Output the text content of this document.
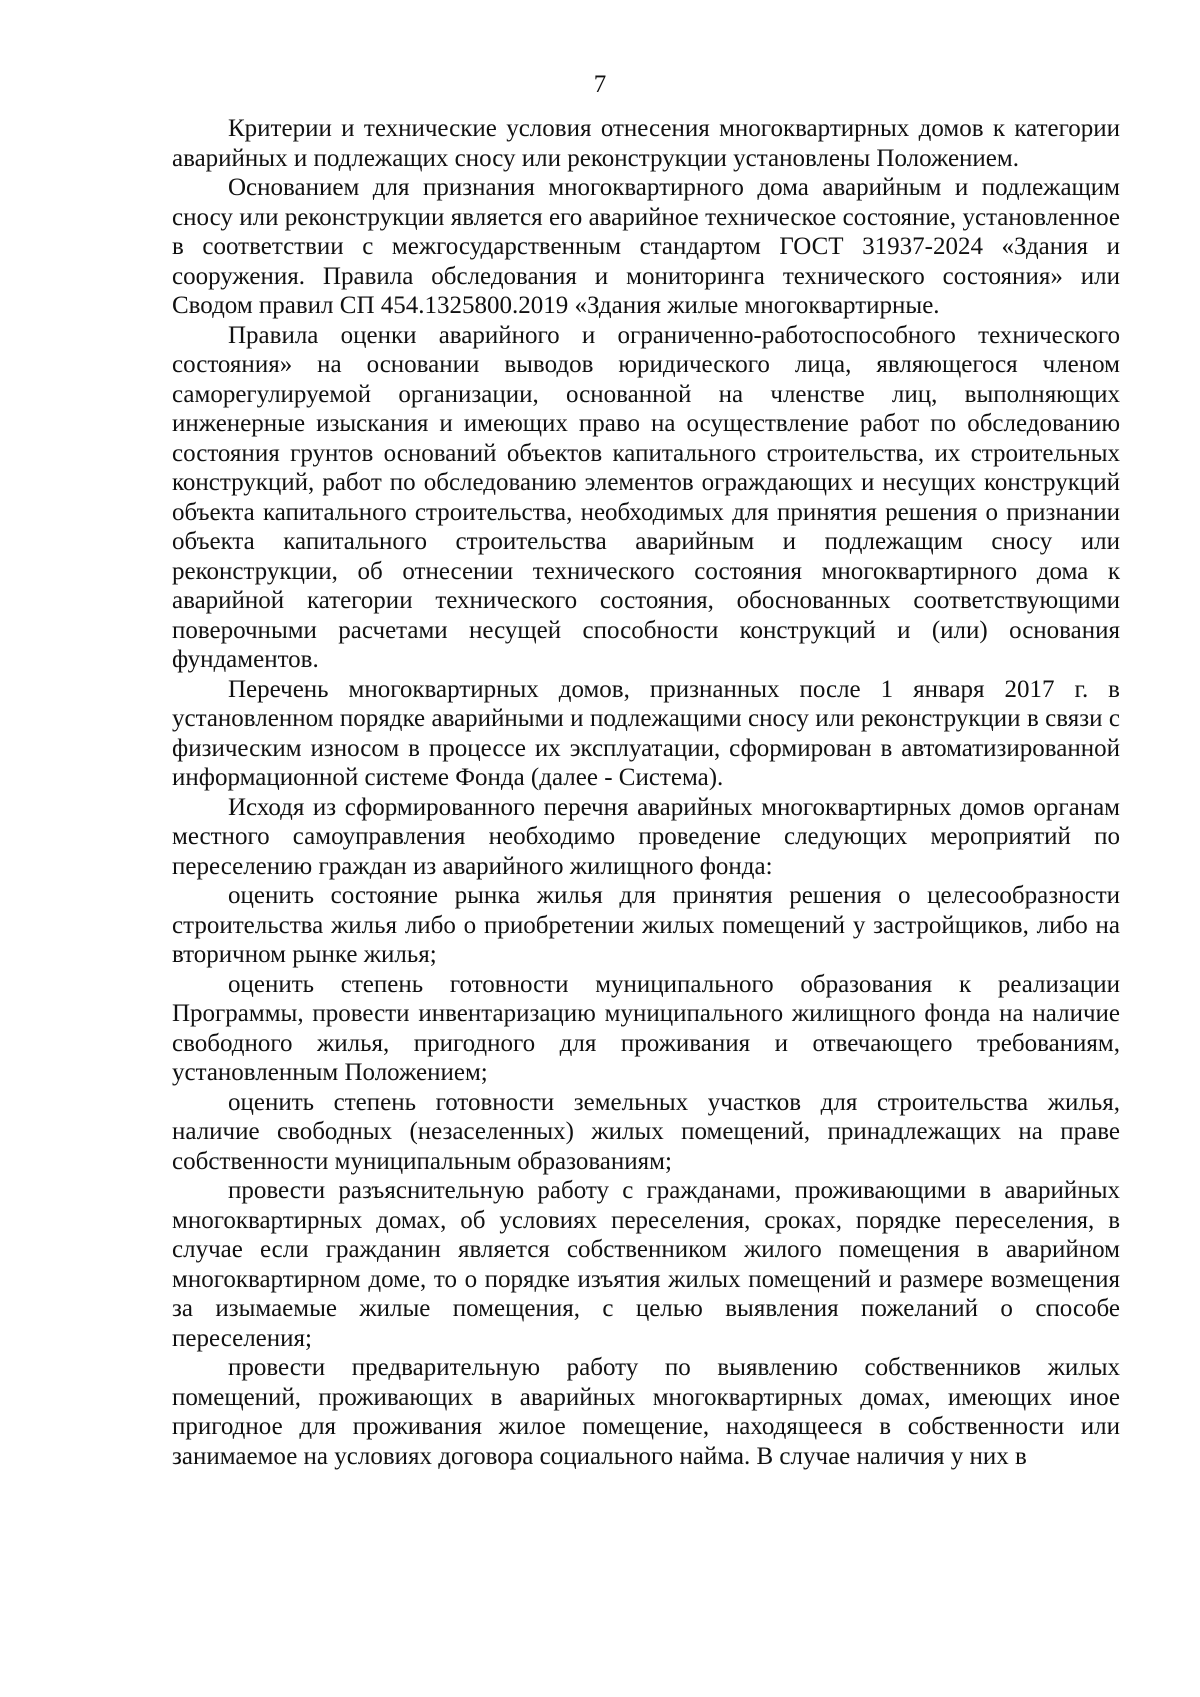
7

Критерии и технические условия отнесения многоквартирных домов к категории аварийных и подлежащих сносу или реконструкции установлены Положением.

Основанием для признания многоквартирного дома аварийным и подлежащим сносу или реконструкции является его аварийное техническое состояние, установленное в соответствии с межгосударственным стандартом ГОСТ 31937-2024 «Здания и сооружения. Правила обследования и мониторинга технического состояния» или Сводом правил СП 454.1325800.2019 «Здания жилые многоквартирные.

Правила оценки аварийного и ограниченно-работоспособного технического состояния» на основании выводов юридического лица, являющегося членом саморегулируемой организации, основанной на членстве лиц, выполняющих инженерные изыскания и имеющих право на осуществление работ по обследованию состояния грунтов оснований объектов капитального строительства, их строительных конструкций, работ по обследованию элементов ограждающих и несущих конструкций объекта капитального строительства, необходимых для принятия решения о признании объекта капитального строительства аварийным и подлежащим сносу или реконструкции, об отнесении технического состояния многоквартирного дома к аварийной категории технического состояния, обоснованных соответствующими поверочными расчетами несущей способности конструкций и (или) основания фундаментов.

Перечень многоквартирных домов, признанных после 1 января 2017 г. в установленном порядке аварийными и подлежащими сносу или реконструкции в связи с физическим износом в процессе их эксплуатации, сформирован в автоматизированной информационной системе Фонда (далее - Система).

Исходя из сформированного перечня аварийных многоквартирных домов органам местного самоуправления необходимо проведение следующих мероприятий по переселению граждан из аварийного жилищного фонда:

оценить состояние рынка жилья для принятия решения о целесообразности строительства жилья либо о приобретении жилых помещений у застройщиков, либо на вторичном рынке жилья;

оценить степень готовности муниципального образования к реализации Программы, провести инвентаризацию муниципального жилищного фонда на наличие свободного жилья, пригодного для проживания и отвечающего требованиям, установленным Положением;

оценить степень готовности земельных участков для строительства жилья, наличие свободных (незаселенных) жилых помещений, принадлежащих на праве собственности муниципальным образованиям;

провести разъяснительную работу с гражданами, проживающими в аварийных многоквартирных домах, об условиях переселения, сроках, порядке переселения, в случае если гражданин является собственником жилого помещения в аварийном многоквартирном доме, то о порядке изъятия жилых помещений и размере возмещения за изымаемые жилые помещения, с целью выявления пожеланий о способе переселения;

провести предварительную работу по выявлению собственников жилых помещений, проживающих в аварийных многоквартирных домах, имеющих иное пригодное для проживания жилое помещение, находящееся в собственности или занимаемое на условиях договора социального найма. В случае наличия у них в
